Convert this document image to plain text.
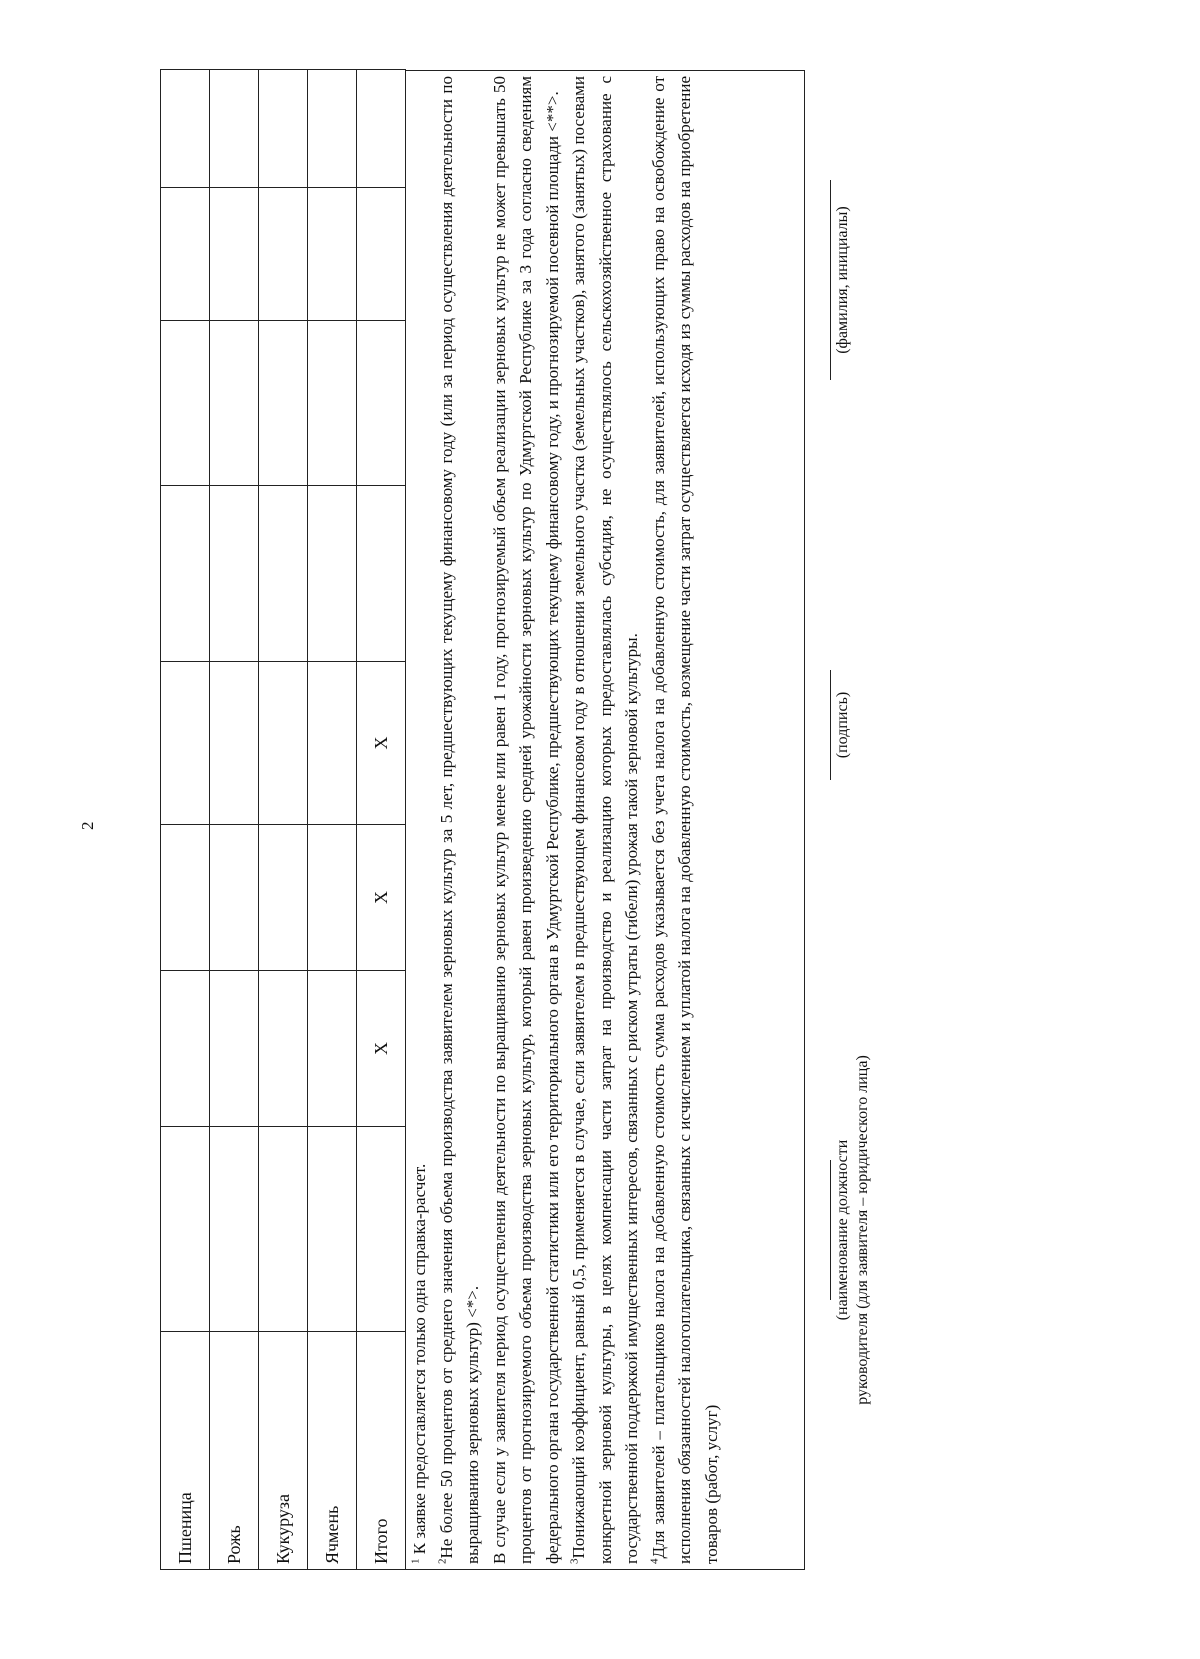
2
Пшеница								
Рожь								
Кукуруза								
Ячмень								
Итого		Х	Х	Х				

$^1$ К заявке предоставляется только одна справка-расчет.

$^2$Не более 50 процентов от среднего значения объема производства заявителем зерновых культур за 5 лет, предшествующих текущему финансовому году (или за период осуществления деятельности по выращиванию зерновых культур) <*>. В случае если у заявителя период осуществления деятельности по выращиванию зерновых культур менее или равен 1 году, прогнозируемый объем реализации зерновых культур не может превышать 50 процентов от прогнозируемого объема производства зерновых культур, который равен произведению средней урожайности зерновых культур по Удмуртской Республике за 3 года согласно сведениям федерального органа государственной статистики или его территориального органа в Удмуртской Республике, предшествующих текущему финансовому году, и прогнозируемой посевной площади <**>. $^3$Понижающий коэффициент, равный 0,5, применяется в случае, если заявителем в предшествующем финансовом году в отношении земельного участка (земельных участков), занятого (занятых) посевами конкретной зерновой культуры, в целях компенсации части затрат на производство и реализацию которых предоставлялась субсидия, не осуществлялось сельскохозяйственное страхование с государственной поддержкой имущественных интересов, связанных с риском утраты (гибели) урожая такой зерновой культуры. $^4$Для заявителей – плательщиков налога на добавленную стоимость сумма расходов указывается без учета налога на добавленную стоимость, для заявителей, использующих право на освобождение от исполнения обязанностей налогоплательщика, связанных с исчислением и уплатой налога на добавленную стоимость, возмещение части затрат осуществляется исходя из суммы расходов на приобретение товаров (работ, услуг)

(наименование должности руководителя (для заявителя – юридического лица)
(подпись)
(фамилия, инициалы)
